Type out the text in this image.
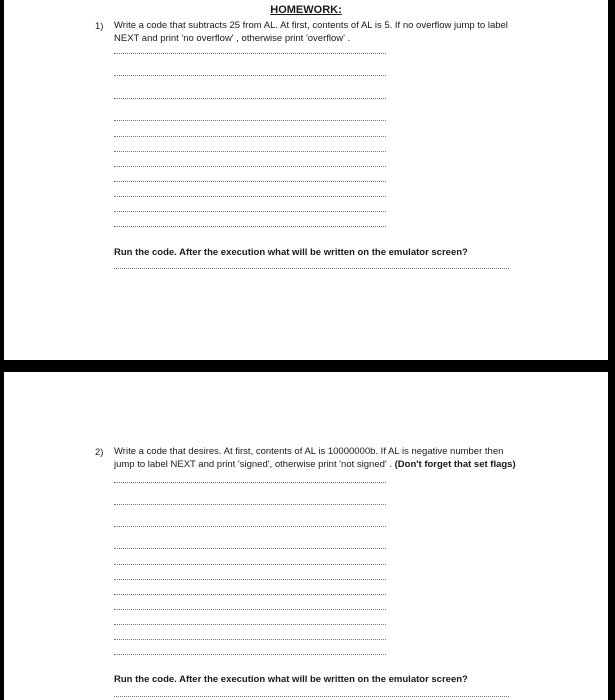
HOMEWORK:
1) Write a code that subtracts 25 from AL. At first, contents of AL is 5. If no overflow jump to label
NEXT and print 'no overflow' , otherwise print 'overflow' .
Run the code. After the execution what will be written on the emulator screen?
2) Write a code that desires. At first, contents of AL is 10000000b. If AL is negative number then
jump to label NEXT and print 'signed', otherwise print 'not signed' . (Don't forget that set flags)
Run the code. After the execution what will be written on the emulator screen?
